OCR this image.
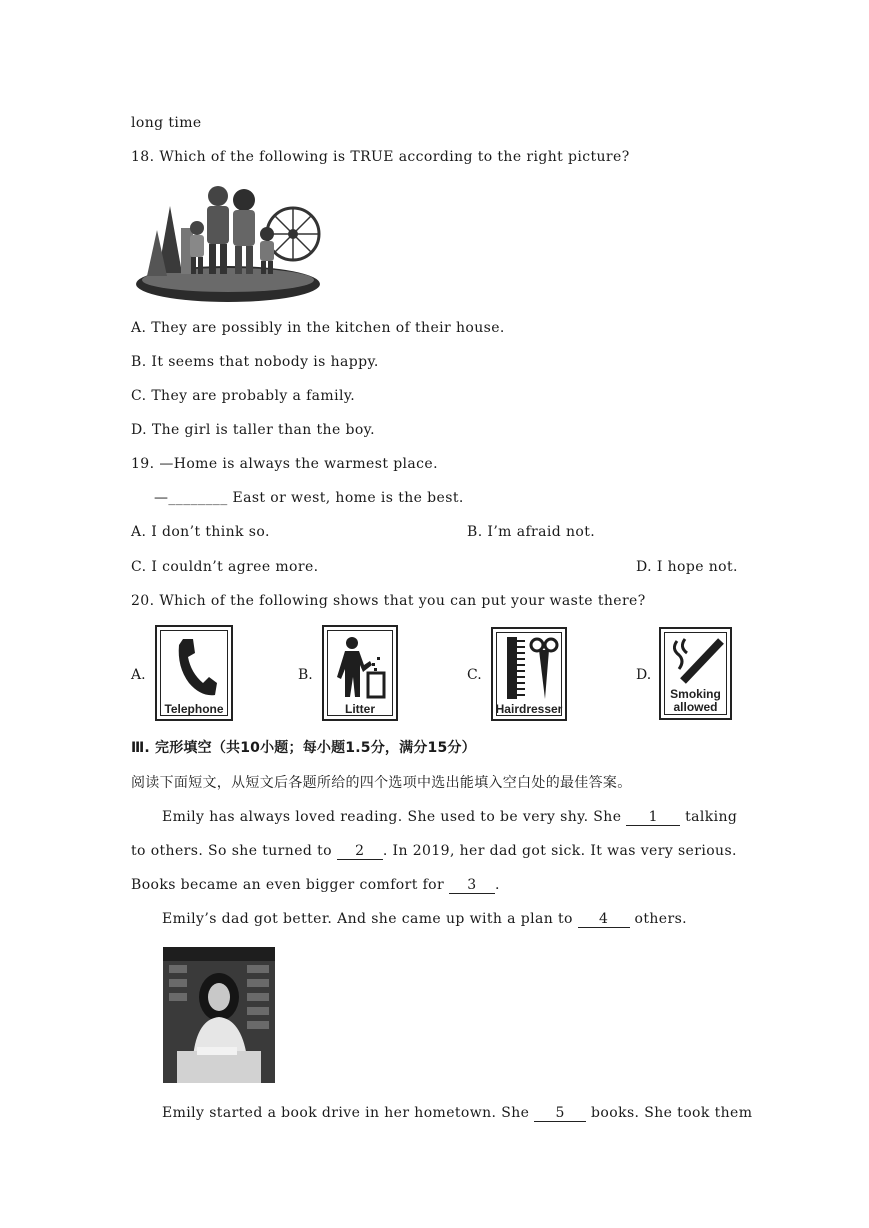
long time
18. Which of the following is TRUE according to the right picture?
A. They are possibly in the kitchen of their house.
B. It seems that nobody is happy.
C. They are probably a family.
D. The girl is taller than the boy.
19. —Home is always the warmest place.
—________ East or west, home is the best.
A. I don’t think so.	B. I’m afraid not.
C. I couldn’t agree more.	D. I hope not.
20. Which of the following shows that you can put your waste there?
A.
Telephone
B.
Litter
C.
Hairdresser
D.
Smoking allowed
Ⅲ. 完形填空（共10小题；每小题1.5分，满分15分）
阅读下面短文，从短文后各题所给的四个选项中选出能填入空白处的最佳答案。
Emily has always loved reading. She used to be very shy. She 1 talking
to others. So she turned to 2 . In 2019, her dad got sick. It was very serious.
Books became an even bigger comfort for 3 .
Emily’s dad got better. And she came up with a plan to 4 others.
Emily started a book drive in her hometown. She 5 books. She took them
